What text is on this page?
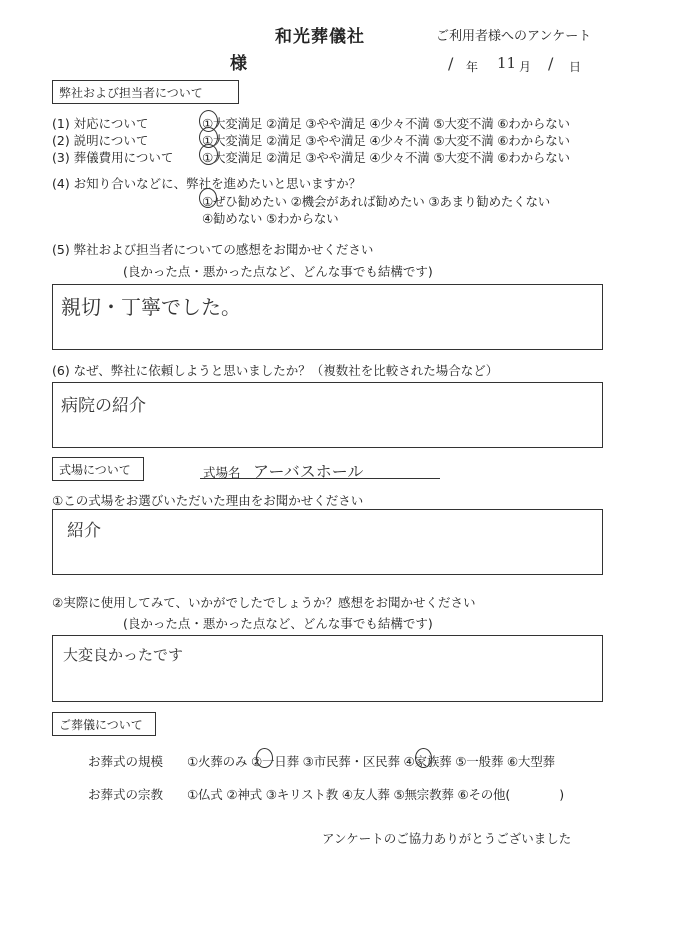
和光葬儀社	ご利用者様へのアンケート
様	/ 年 11 月 / 日
弊社および担当者について
(1) 対応について	①大変満足 ②満足 ③やや満足 ④少々不満 ⑤大変不満 ⑥わからない
(2) 説明について	①大変満足 ②満足 ③やや満足 ④少々不満 ⑤大変不満 ⑥わからない
(3) 葬儀費用について ①大変満足 ②満足 ③やや満足 ④少々不満 ⑤大変不満 ⑥わからない
(4) お知り合いなどに、弊社を進めたいと思いますか？
①ぜひ勧めたい ②機会があれば勧めたい ③あまり勧めたくない
④勧めない ⑤わからない
(5) 弊社および担当者についての感想をお聞かせください
(良かった点・悪かった点など、どんな事でも結構です)
親切・丁寧でした。
(6) なぜ、弊社に依頼しようと思いましたか？（複数社を比較された場合など）
病院の紹介
式場について	式場名 アーバスホール
①この式場をお選びいただいた理由をお聞かせください
紹介
②実際に使用してみて、いかがでしたでしょうか？感想をお聞かせください
(良かった点・悪かった点など、どんな事でも結構です)
大変良かったです
ご葬儀について
お葬式の規模 ①火葬のみ ②一日葬 ③市民葬・区民葬 ④家族葬 ⑤一般葬 ⑥大型葬
お葬式の宗教 ①仏式 ②神式 ③キリスト教 ④友人葬 ⑤無宗教葬 ⑥その他(　　　　)
アンケートのご協力ありがとうございました
